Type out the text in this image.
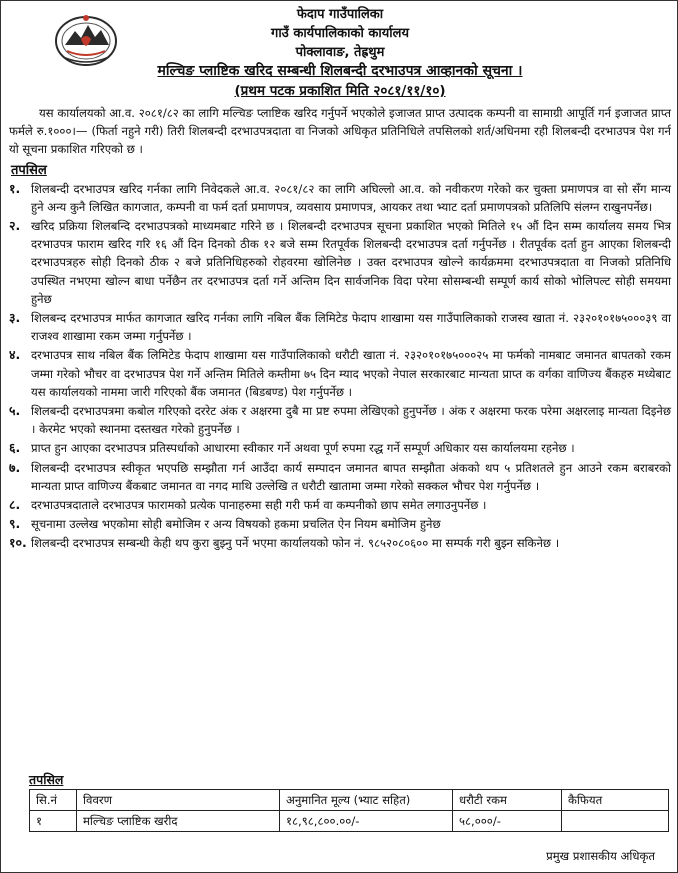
फेदाप गाउँपालिका
गाउँ कार्यपालिकाको कार्यालय
पोक्लावाङ, तेह्रथुम
मल्चिङ प्लाष्टिक खरिद सम्बन्धी शिलबन्दी दरभाउपत्र आव्हानको सूचना ।
(प्रथम पटक प्रकाशित मिति २०८१/११/१०)

यस कार्यालयको आ.व. २०८१/८२ का लागि मल्चिङ प्लाष्टिक खरिद गर्नुपर्ने भएकोले इजाजत प्राप्त उत्पादक कम्पनी वा सामाग्री आपूर्ति गर्न इजाजत प्राप्त फर्मले रु.१०००।— (फिर्ता नहुने गरी) तिरी शिलबन्दी दरभाउपत्रदाता वा निजको अधिकृत प्रतिनिधिले तपसिलको शर्त/अधिनमा रही शिलबन्दी दरभाउपत्र पेश गर्न यो सूचना प्रकाशित गरिएको छ ।

तपसिल
१. शिलबन्दी दरभाउपत्र खरिद गर्नका लागि निवेदकले आ.व. २०८१/८२ का लागि अघिल्लो आ.व. को नवीकरण गरेको कर चुक्ता प्रमाणपत्र वा सो सँग मान्य हुने अन्य कुनै लिखित कागजात, कम्पनी वा फर्म दर्ता प्रमाणपत्र, व्यवसाय प्रमाणपत्र, आयकर तथा भ्याट दर्ता प्रमाणपत्रको प्रतिलिपि संलग्न राखुनपर्नेछ।

२. खरिद प्रक्रिया शिलबन्दि दरभाउपत्रको माध्यमबाट गरिने छ । शिलबन्दी दरभाउपत्र सूचना प्रकाशित भएको मितिले १५ औं दिन सम्म कार्यालय समय भित्र दरभाउपत्र फाराम खरिद गरि १६ औं दिन दिनको ठीक १२ बजे सम्म रितपूर्वक शिलबन्दी दरभाउपत्र दर्ता गर्नुपर्नेछ । रीतपूर्वक दर्ता हुन आएका शिलबन्दी दरभाउपत्रहरु सोही दिनको ठीक २ बजे प्रतिनिधिहरुको रोहवरमा खोलिनेछ । उक्त दरभाउपत्र खोल्ने कार्यक्रममा दरभाउपत्रदाता वा निजको प्रतिनिधि उपस्थित नभएमा खोल्न बाधा पर्नेछैन तर दरभाउपत्र दर्ता गर्ने अन्तिम दिन सार्वजनिक विदा परेमा सोसम्बन्धी सम्पूर्ण कार्य सोको भोलिपल्ट सोही समयमा हुनेछ

३. शिलबन्द दरभाउपत्र मार्फत कागजात खरिद गर्नका लागि नबिल बैंक लिमिटेड फेदाप शाखामा यस गाउँपालिकाको राजस्व खाता नं. २३२०१०१७५०००३९ वा राजश्व शाखामा रकम जम्मा गर्नुपर्नेछ ।

४. दरभाउपत्र साथ नबिल बैंक लिमिटेड फेदाप शाखामा यस गाउँपालिकाको धरौटी खाता नं. २३२०१०१७५०००२५ मा फर्मको नामबाट जमानत बापतको रकम जम्मा गरेको भौचर वा दरभाउपत्र पेश गर्ने अन्तिम मितिले कम्तीमा ७५ दिन म्याद भएको नेपाल सरकारबाट मान्यता प्राप्त क वर्गका वाणिज्य बैंकहरु मध्येबाट यस कार्यालयको नाममा जारी गरिएको बैंक जमानत (बिडबण्ड) पेश गर्नुपर्नेछ ।

५. शिलबन्दी दरभाउपत्रमा कबोल गरिएको दररेट अंक र अक्षरमा दुबै मा प्रष्ट रुपमा लेखिएको हुनुपर्नेछ । अंक र अक्षरमा फरक परेमा अक्षरलाइ मान्यता दिइनेछ । केरमेट भएको स्थानमा दस्तखत गरेको हुनुपर्नेछ ।

६. प्राप्त हुन आएका दरभाउपत्र प्रतिस्पर्धाको आधारमा स्वीकार गर्ने अथवा पूर्ण रुपमा रद्ध गर्ने सम्पूर्ण अधिकार यस कार्यालयमा रहनेछ ।

७. शिलबन्दी दरभाउपत्र स्वीकृत भएपछि सम्झौता गर्न आउँदा कार्य सम्पादन जमानत बापत सम्झौता अंकको थप ५ प्रतिशतले हुन आउने रकम बराबरको मान्यता प्राप्त वाणिज्य बैंकबाट जमानत वा नगद माथि उल्लेखि त धरौटी खातामा जम्मा गरेको सक्कल भौचर पेश गर्नुपर्नेछ ।

८. दरभाउपत्रदाताले दरभाउपत्र फारामको प्रत्येक पानाहरुमा सही गरी फर्म वा कम्पनीको छाप समेत लगाउनुपर्नेछ ।

९. सूचनामा उल्लेख भएकोमा सोही बमोजिम र अन्य विषयको हकमा प्रचलित ऐन नियम बमोजिम हुनेछ

१०. शिलबन्दी दरभाउपत्र सम्बन्धी केही थप कुरा बुझ्नु पर्ने भएमा कार्यालयको फोन नं. ९८५२०८०६०० मा सम्पर्क गरी बुझ्न सकिनेछ ।

तपसिल
सि.नं	विवरण	अनुमानित मूल्य (भ्याट सहित)	धरौटी रकम	कैफियत
१	मल्चिङ प्लाष्टिक खरीद	१८,९८,८००.००/-	५८,०००/-	
प्रमुख प्रशासकीय अधिकृत
